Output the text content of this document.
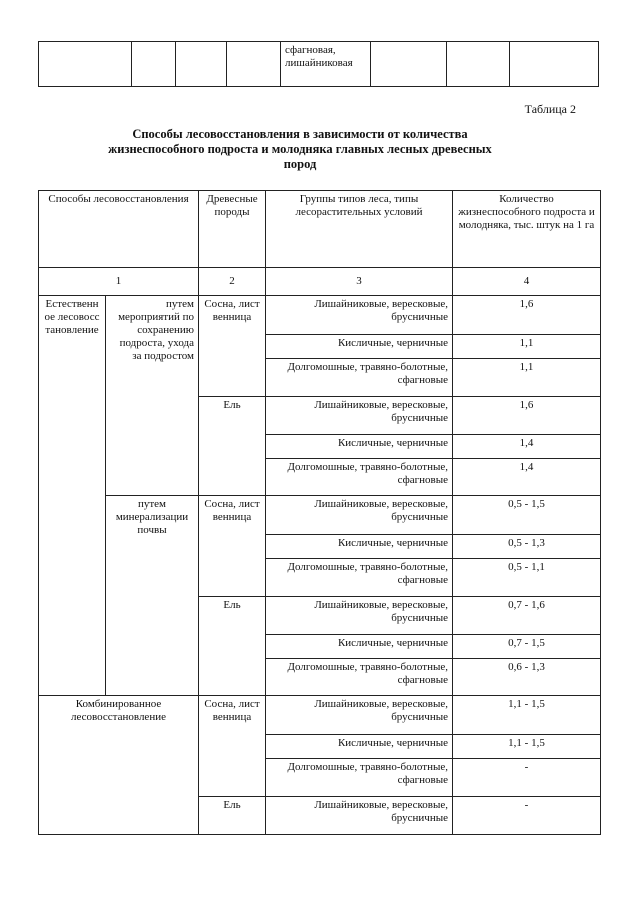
				сфагновая, лишайниковая			
Таблица 2
Способы лесовосстановления в зависимости от количества жизнеспособного подроста и молодняка главных лесных древесных пород
Способы лесовосстановления		Древесные породы	Группы типов леса, типы лесорастительных условий	Количество жизнеспособного подроста и молодняка, тыс. штук на 1 га
1		2	3	4
Естественное лесовосстановление	путем мероприятий по сохранению подроста, ухода за подростом	Сосна, лиственница	Лишайниковые, вересковые, брусничные	1,6
			Кисличные, черничные	1,1
			Долгомошные, травяно-болотные, сфагновые	1,1
		Ель	Лишайниковые, вересковые, брусничные	1,6
			Кисличные, черничные	1,4
			Долгомошные, травяно-болотные, сфагновые	1,4
	путем минерализации почвы	Сосна, лиственница	Лишайниковые, вересковые, брусничные	0,5 - 1,5
			Кисличные, черничные	0,5 - 1,3
			Долгомошные, травяно-болотные, сфагновые	0,5 - 1,1
		Ель	Лишайниковые, вересковые, брусничные	0,7 - 1,6
			Кисличные, черничные	0,7 - 1,5
			Долгомошные, травяно-болотные, сфагновые	0,6 - 1,3
Комбинированное лесовосстановление		Сосна, лиственница	Лишайниковые, вересковые, брусничные	1,1 - 1,5
			Кисличные, черничные	1,1 - 1,5
			Долгомошные, травяно-болотные, сфагновые	-
		Ель	Лишайниковые, вересковые, брусничные	-
